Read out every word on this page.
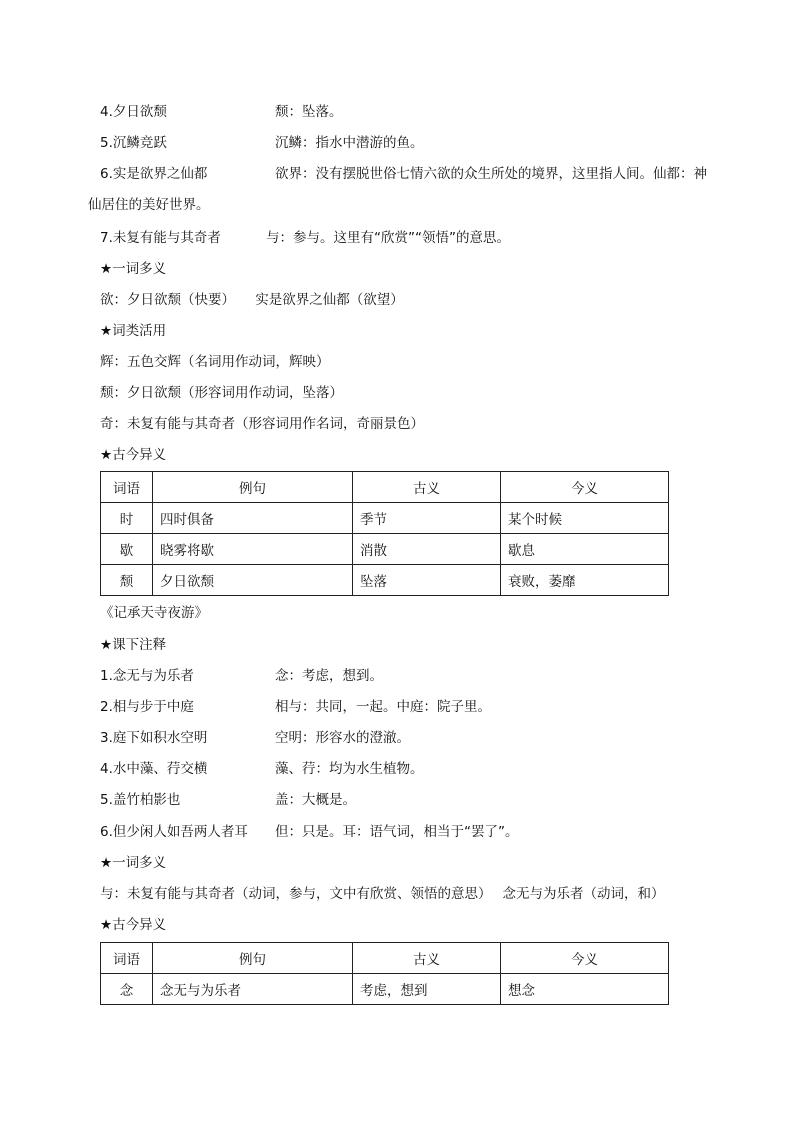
4.夕日欲颓	颓：坠落。
5.沉鳞竞跃	沉鳞：指水中潜游的鱼。
6.实是欲界之仙都	欲界：没有摆脱世俗七情六欲的众生所处的境界，这里指人间。仙都：神
仙居住的美好世界。
7.未复有能与其奇者	与：参与。这里有“欣赏”“领悟”的意思。
★一词多义
欲：夕日欲颓（快要）　　实是欲界之仙都（欲望）
★词类活用
辉：五色交辉（名词用作动词，辉映）
颓：夕日欲颓（形容词用作动词，坠落）
奇：未复有能与其奇者（形容词用作名词，奇丽景色）
★古今异义
词语	例句	古义	今义
时	四时俱备	季节	某个时候
歇	晓雾将歇	消散	歇息
颓	夕日欲颓	坠落	衰败，萎靡
《记承天寺夜游》
★课下注释
1.念无与为乐者	念：考虑，想到。
2.相与步于中庭	相与：共同，一起。中庭：院子里。
3.庭下如积水空明	空明：形容水的澄澈。
4.水中藻、荇交横	藻、荇：均为水生植物。
5.盖竹柏影也	盖：大概是。
6.但少闲人如吾两人者耳 但：只是。耳：语气词，相当于“罢了”。
★一词多义
与：未复有能与其奇者（动词，参与，文中有欣赏、领悟的意思）　 念无与为乐者（动词，和）
★古今异义
词语	例句	古义	今义
念	念无与为乐者	考虑，想到	想念
